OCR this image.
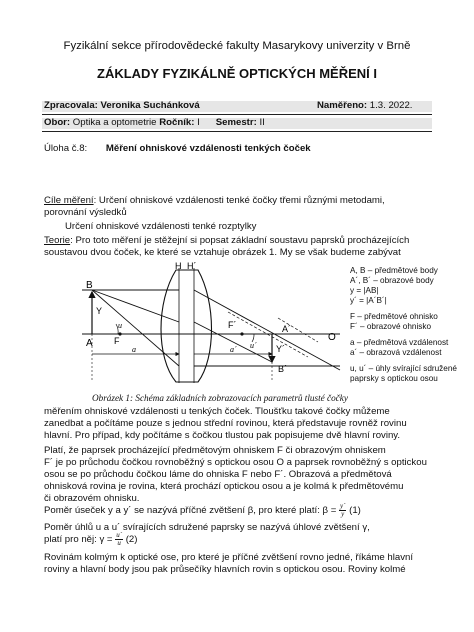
Fyzikální sekce přírodovědecké fakulty Masarykovy univerzity v Brně
ZÁKLADY FYZIKÁLNĚ OPTICKÝCH MĚŘENÍ I
Zpracovala: Veronika Suchánková	Naměřeno: 1.3. 2022.
Obor: Optika a optometrie Ročník: I Semestr: II
Úloha č.8: Měření ohniskové vzdálenosti tenkých čoček
Cíle měření: Určení ohniskové vzdálenosti tenké čočky třemi různými metodami,
porovnání výsledků
Určení ohniskové vzdálenosti tenké rozptylky
Teorie: Pro toto měření je stěžejní si popsat základní soustavu paprsků procházejících
soustavou dvou čoček, ke které se vztahuje obrázek 1. My se však budeme zabývat
B
A
H H´
F
F´	A´
B´
O
Y
Y´
u
u´
a	a´
A, B – předmětové body
A´, B´ – obrazové body
y = |AB|
y´ = |A´B´|
F – předmětové ohnisko
F´ – obrazové ohnisko
a – předmětová vzdálenost
a´ – obrazová vzdálenost
u, u´ – úhly svírající sdružené
paprsky s optickou osou
Obrázek 1: Schéma základních zobrazovacích parametrů tlusté čočky
měřením ohniskové vzdálenosti u tenkých čoček. Tloušťku takové čočky můžeme
zanedbat a počítáme pouze s jednou střední rovinou, která představuje rovněž rovinu
hlavní. Pro případ, kdy počítáme s čočkou tlustou pak popisujeme dvě hlavní roviny.
Platí, že paprsek procházející předmětovým ohniskem F či obrazovým ohniskem
F´ je po průchodu čočkou rovnoběžný s optickou osou O a paprsek rovnoběžný s optickou
osou se po průchodu čočkou láme do ohniska F nebo F´. Obrazová a předmětová
ohnisková rovina je rovina, která prochází optickou osou a je kolmá k předmětovému
či obrazovém ohnisku.
Poměr úseček y a y´ se nazývá příčné zvětšení β, pro které platí: $\beta = \frac{y´}{y} (1)$
Poměr úhlů u a u´ svírajících sdružené paprsky se nazývá úhlové zvětšení γ,
platí pro něj: $\gamma = \frac{u´}{u} (2)$
Rovinám kolmým k optické ose, pro které je příčné zvětšení rovno jedné, říkáme hlavní
roviny a hlavní body jsou pak průsečíky hlavních rovin s optickou osou. Roviny kolmé
